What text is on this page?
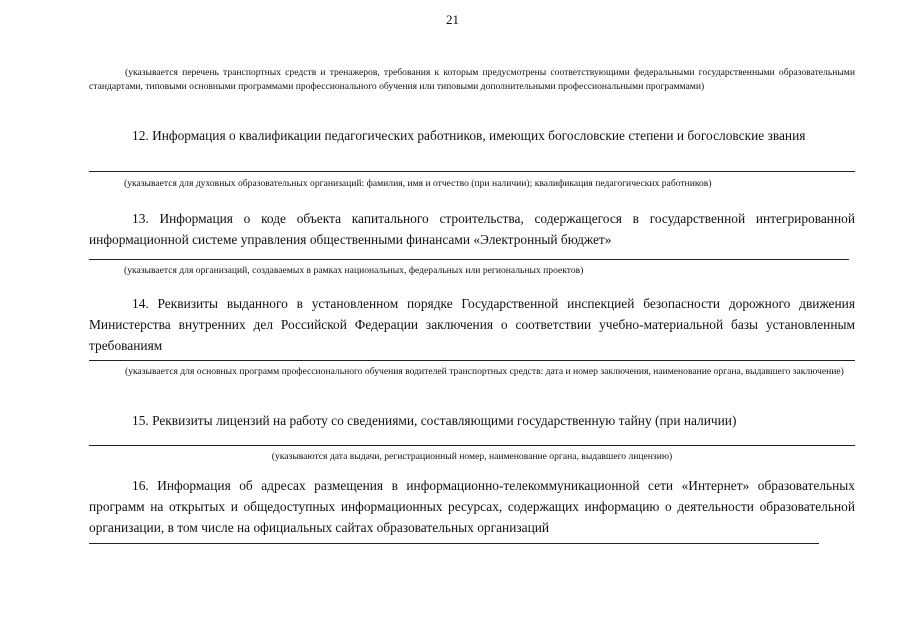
21
(указывается перечень транспортных средств и тренажеров, требования к которым предусмотрены соответствующими федеральными государственными образовательными стандартами, типовыми основными программами профессионального обучения или типовыми дополнительными профессиональными программами)
12. Информация о квалификации педагогических работников, имеющих богословские степени и богословские звания
(указывается для духовных образовательных организаций: фамилия, имя и отчество (при наличии); квалификация педагогических работников)
13. Информация о коде объекта капитального строительства, содержащегося в государственной интегрированной информационной системе управления общественными финансами «Электронный бюджет»
(указывается для организаций, создаваемых в рамках национальных, федеральных или региональных проектов)
14. Реквизиты выданного в установленном порядке Государственной инспекцией безопасности дорожного движения Министерства внутренних дел Российской Федерации заключения о соответствии учебно-материальной базы установленным требованиям
(указывается для основных программ профессионального обучения водителей транспортных средств: дата и номер заключения, наименование органа, выдавшего заключение)
15. Реквизиты лицензий на работу со сведениями, составляющими государственную тайну (при наличии)
(указываются дата выдачи, регистрационный номер, наименование органа, выдавшего лицензию)
16. Информация об адресах размещения в информационно-телекоммуникационной сети «Интернет» образовательных программ на открытых и общедоступных информационных ресурсах, содержащих информацию о деятельности образовательной организации, в том числе на официальных сайтах образовательных организаций
